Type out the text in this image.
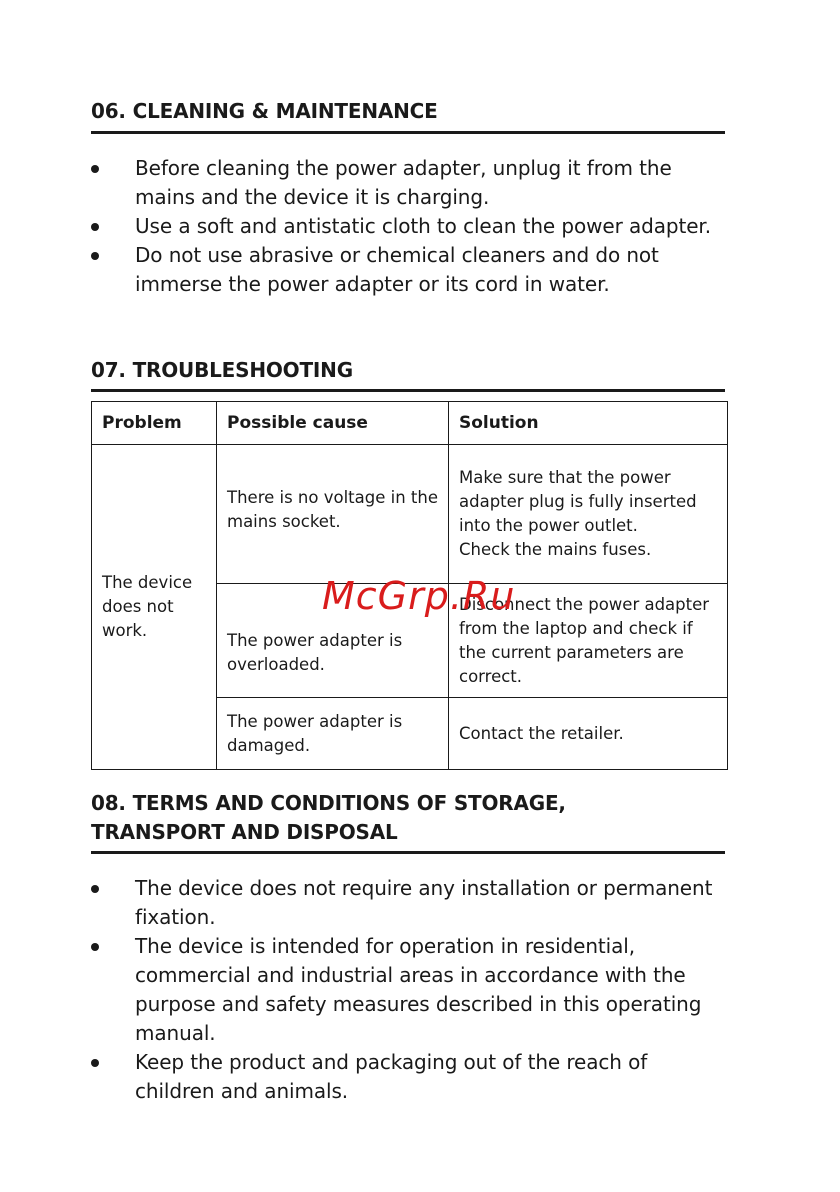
06. CLEANING & MAINTENANCE
Before cleaning the power adapter, unplug it from the mains and the device it is charging.
Use a soft and antistatic cloth to clean the power adapter.
Do not use abrasive or chemical cleaners and do not immerse the power adapter or its cord in water.
07. TROUBLESHOOTING
Problem	Possible cause	Solution
The device does not work.	There is no voltage in the mains socket.	Make sure that the power adapter plug is fully inserted into the power outlet.
Check the mains fuses.

	The power adapter is overloaded.	Disconnect the power adapter from the laptop and check if the current parameters are correct.
	The power adapter is damaged.	Contact the retailer.
McGrp.Ru
08. TERMS AND CONDITIONS OF STORAGE,
TRANSPORT AND DISPOSAL
The device does not require any installation or permanent fixation.
The device is intended for operation in residential, commercial and industrial areas in accordance with the purpose and safety measures described in this operating manual.
Keep the product and packaging out of the reach of children and animals.
